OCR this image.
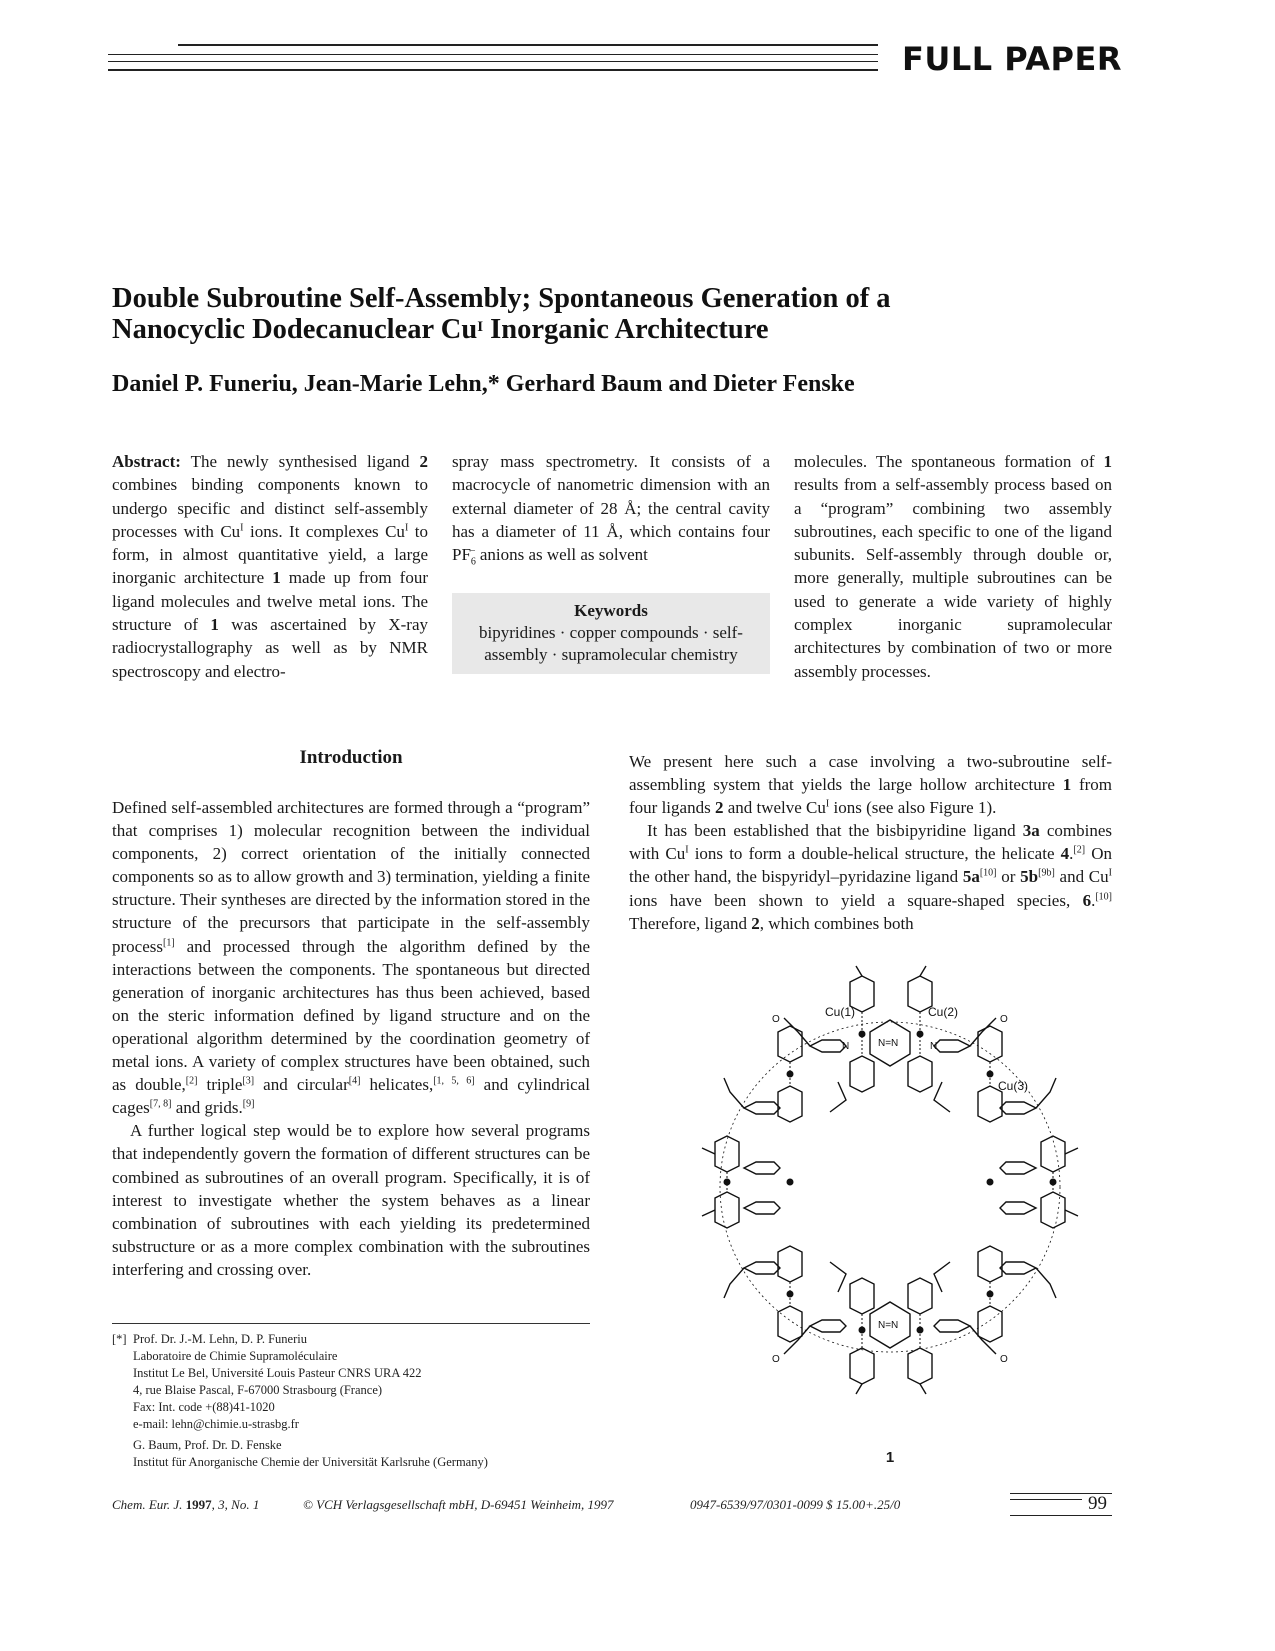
FULL PAPER
Double Subroutine Self-Assembly; Spontaneous Generation of a
Nanocyclic Dodecanuclear $Cu^I$ Inorganic Architecture
Daniel P. Funeriu, Jean-Marie Lehn,* Gerhard Baum and Dieter Fenske
Abstract: The newly synthesised ligand 2 combines binding components known to undergo specific and distinct self-assembly processes with $Cu^I$ ions. It complexes $Cu^I$ to form, in almost quantitative yield, a large inorganic architecture 1 made up from four ligand molecules and twelve metal ions. The structure of 1 was ascertained by X-ray radiocrystallography as well as by NMR spectroscopy and electro-
spray mass spectrometry. It consists of a macrocycle of nanometric dimension with an external diameter of 28 Å; the central cavity has a diameter of 11 Å, which contains four $PF_6^-$ anions as well as solvent
Keywords
bipyridines · copper compounds · self-
assembly · supramolecular chemistry
molecules. The spontaneous formation of 1 results from a self-assembly process based on a “program” combining two assembly subroutines, each specific to one of the ligand subunits. Self-assembly through double or, more generally, multiple subroutines can be used to generate a wide variety of highly complex inorganic supramolecular architectures by combination of two or more assembly processes.
Introduction

Defined self-assembled architectures are formed through a “program” that comprises 1) molecular recognition between the individual components, 2) correct orientation of the initially connected components so as to allow growth and 3) termination, yielding a finite structure. Their syntheses are directed by the information stored in the structure of the precursors that participate in the self-assembly process[1] and processed through the algorithm defined by the interactions between the components. The spontaneous but directed generation of inorganic architectures has thus been achieved, based on the steric information defined by ligand structure and on the operational algorithm determined by the coordination geometry of metal ions. A variety of complex structures have been obtained, such as double,[2] triple[3] and circular[4] helicates,[1, 5, 6] and cylindrical cages[7, 8] and grids.[9]

A further logical step would be to explore how several programs that independently govern the formation of different structures can be combined as subroutines of an overall program. Specifically, it is of interest to investigate whether the system behaves as a linear combination of subroutines with each yielding its predetermined substructure or as a more complex combination with the subroutines interfering and crossing over.

We present here such a case involving a two-subroutine self-assembling system that yields the large hollow architecture 1 from four ligands 2 and twelve $Cu^I$ ions (see also Figure 1).

It has been established that the bisbipyridine ligand 3a combines with $Cu^I$ ions to form a double-helical structure, the helicate 4.[2] On the other hand, the bispyridyl–pyridazine ligand 5a[10] or 5b[9b] and $Cu^I$ ions have been shown to yield a square-shaped species, 6.[10] Therefore, ligand 2, which combines both

[*] Prof. Dr. J.-M. Lehn, D. P. Funeriu
Laboratoire de Chimie Supramoléculaire
Institut Le Bel, Université Louis Pasteur CNRS URA 422
4, rue Blaise Pascal, F-67000 Strasbourg (France)
Fax: Int. code +(88)41-1020
e-mail: lehn@chimie.u-strasbg.fr
G. Baum, Prof. Dr. D. Fenske
Institut für Anorganische Chemie der Universität Karlsruhe (Germany)
Cu(1)	Cu(2)
Cu(3)
N=N
N=N
N	N
O	O
O	O
1
Chem. Eur. J. 1997, 3, No. 1	© VCH Verlagsgesellschaft mbH, D-69451 Weinheim, 1997	0947-6539/97/0301-0099 $ 15.00+.25/0	99
